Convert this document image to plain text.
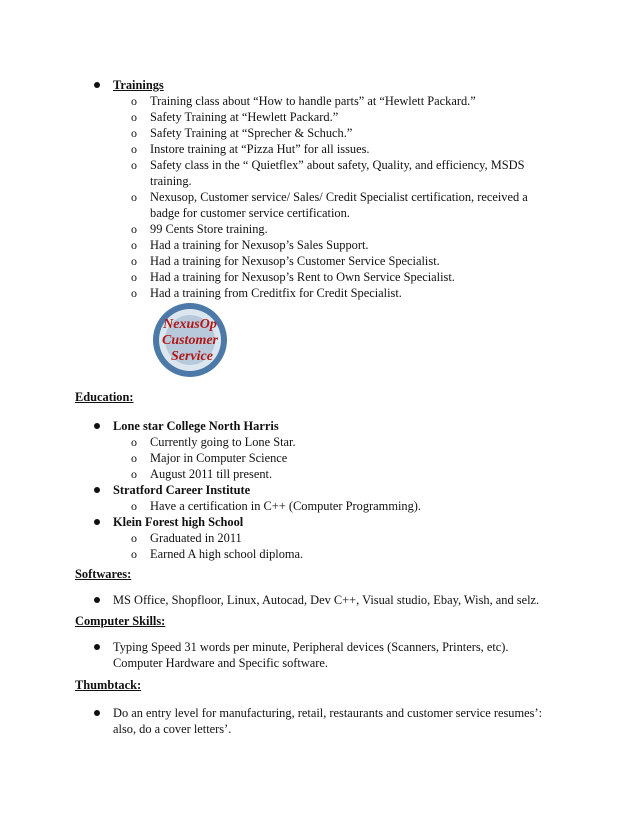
Trainings
o Training class about “How to handle parts” at “Hewlett Packard.”
o Safety Training at “Hewlett Packard.”
o Safety Training at “Sprecher & Schuch.”
o Instore training at “Pizza Hut” for all issues.
o Safety class in the “ Quietflex” about safety, Quality, and efficiency, MSDS
training.
o Nexusop, Customer service/ Sales/ Credit Specialist certification, received a
badge for customer service certification.
o 99 Cents Store training.
o Had a training for Nexusop’s Sales Support.
o Had a training for Nexusop’s Customer Service Specialist.
o Had a training for Nexusop’s Rent to Own Service Specialist.
o Had a training from Creditfix for Credit Specialist.
NexusOp
Customer
Service
Education:
Lone star College North Harris
o Currently going to Lone Star.
o Major in Computer Science
o August 2011 till present.
Stratford Career Institute
o Have a certification in C++ (Computer Programming).
Klein Forest high School
o Graduated in 2011
o Earned A high school diploma.
Softwares:
MS Office, Shopfloor, Linux, Autocad, Dev C++, Visual studio, Ebay, Wish, and selz.
Computer Skills:
Typing Speed 31 words per minute, Peripheral devices (Scanners, Printers, etc).
Computer Hardware and Specific software.
Thumbtack:
Do an entry level for manufacturing, retail, restaurants and customer service resumes’:
also, do a cover letters’.
